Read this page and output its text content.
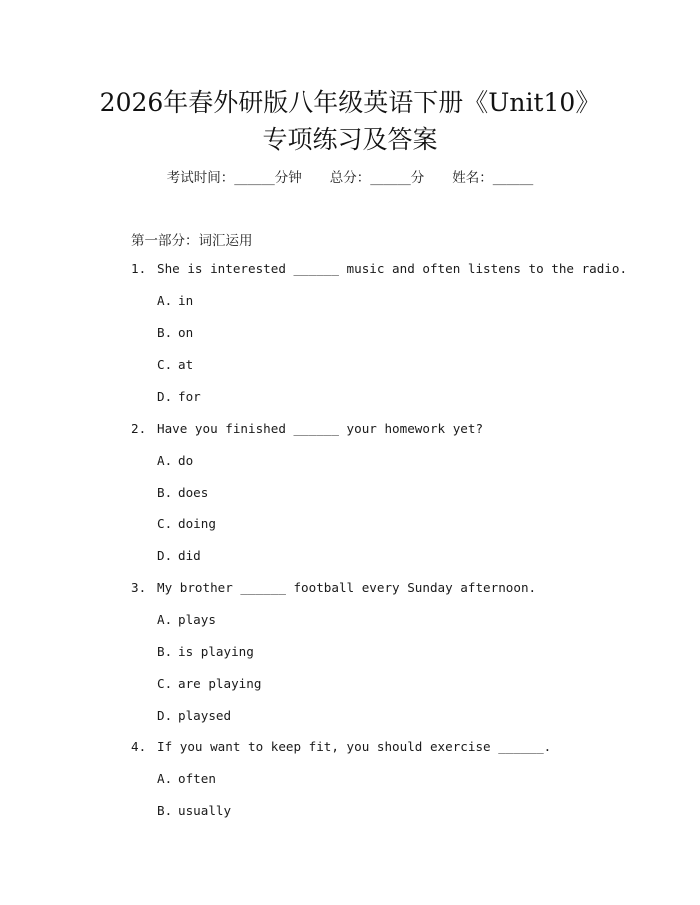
2026年春外研版八年级英语下册《Unit10》
专项练习及答案
考试时间：______分钟 总分：______分 姓名：______
第一部分：词汇运用
1. She is interested ______ music and often listens to the radio.
A. in
B. on
C. at
D. for
2. Have you finished ______ your homework yet?
A. do
B. does
C. doing
D. did
3. My brother ______ football every Sunday afternoon.
A. plays
B. is playing
C. are playing
D. playsed
4. If you want to keep fit, you should exercise ______.
A. often
B. usually
